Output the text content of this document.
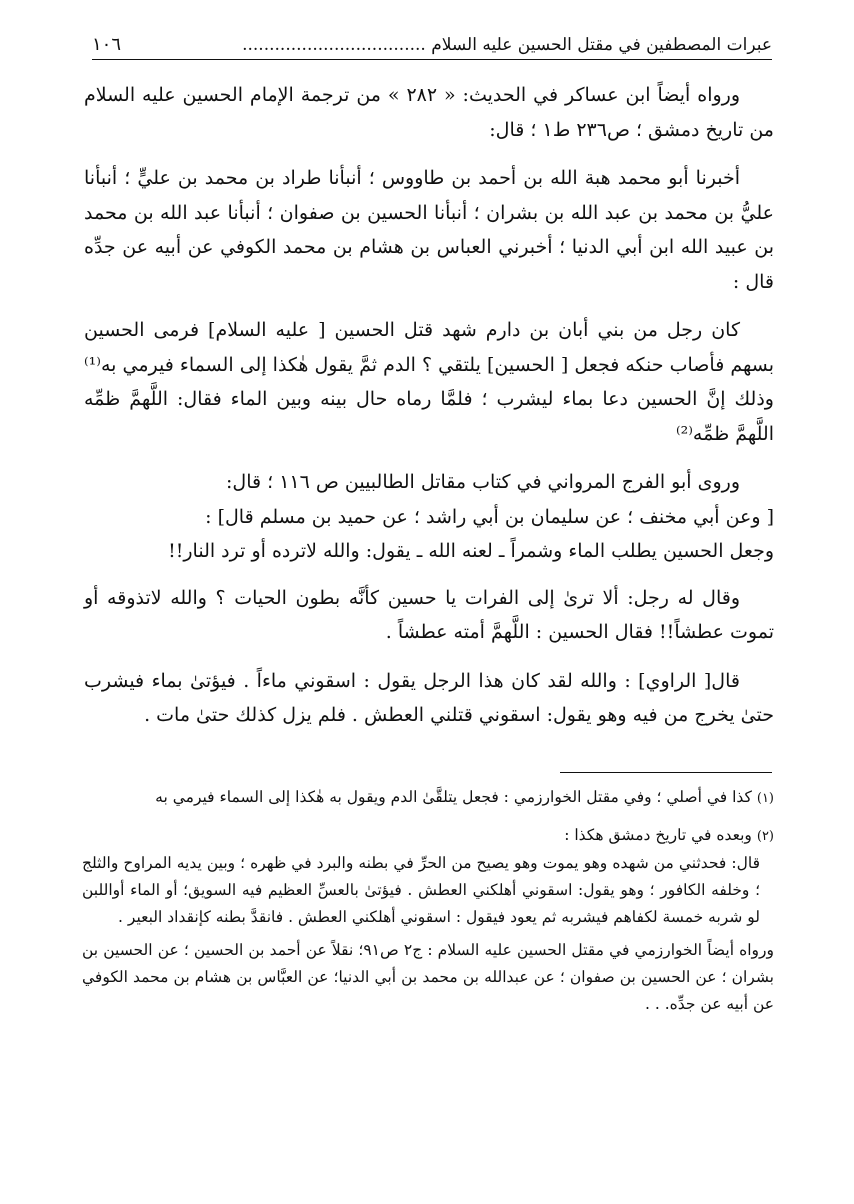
عبرات المصطفين في مقتل الحسين عليه السلام ..................................
١٠٦

ورواه أيضاً ابن عساكر في الحديث: « ٢٨٢ » من ترجمة الإمام الحسين عليه السلام من تاريخ دمشق ؛ ص٢٣٦ ط١ ؛ قال:

أخبرنا أبو محمد هبة الله بن أحمد بن طاووس ؛ أنبأنا طراد بن محمد بن عليٍّ ؛ أنبأنا عليُّ بن محمد بن عبد الله بن بشران ؛ أنبأنا الحسين بن صفوان ؛ أنبأنا عبد الله بن محمد بن عبيد الله ابن أبي الدنيا ؛ أخبرني العباس بن هشام بن محمد الكوفي عن أبيه عن جدِّه قال :

كان رجل من بني أبان بن دارم شهد قتل الحسين [ عليه السلام] فرمى الحسين بسهم فأصاب حنكه فجعل [ الحسين] يلتقي ؟ الدم ثمَّ يقول هٰكذا إلى السماء فيرمي به⁽¹⁾ وذلك إنَّ الحسين دعا بماء ليشرب ؛ فلمَّا رماه حال بينه وبين الماء فقال: اللَّهمَّ ظمِّه اللَّهمَّ ظمِّه⁽²⁾

وروى أبو الفرج المرواني في كتاب مقاتل الطالبيين ص ١١٦ ؛ قال:
[ وعن أبي مخنف ؛ عن سليمان بن أبي راشد ؛ عن حميد بن مسلم قال] :
وجعل الحسين يطلب الماء وشمراً ـ لعنه الله ـ يقول: والله لاترده أو ترد النار!!

وقال له رجل: ألا ترىٰ إلى الفرات يا حسين كأنَّه بطون الحيات ؟ والله لاتذوقه أو تموت عطشاً!! فقال الحسين : اللَّهمَّ أمته عطشاً .

قال[ الراوي] : والله لقد كان هذا الرجل يقول : اسقوني ماءاً . فيؤتىٰ بماء فيشرب حتىٰ يخرج من فيه وهو يقول: اسقوني قتلني العطش . فلم يزل كذلك حتىٰ مات .

(١) كذا في أصلي ؛ وفي مقتل الخوارزمي : فجعل يتلقَّىٰ الدم ويقول به هٰكذا إلى السماء فيرمي به
(٢) وبعده في تاريخ دمشق هكذا :
قال: فحدثني من شهده وهو يموت وهو يصيح من الحرِّ في بطنه والبرد في ظهره ؛ وبين يديه المراوح والثلج ؛ وخلفه الكافور ؛ وهو يقول: اسقوني أهلكني العطش . فيؤتىٰ بالعسِّ العظيم فيه السويق؛ أو الماء أواللبن لو شربه خمسة لكفاهم فيشربه ثم يعود فيقول : اسقوني أهلكني العطش . فانقدَّ بطنه كإنقداد البعير .
ورواه أيضاً الخوارزمي في مقتل الحسين عليه السلام : ج٢ ص٩١؛ نقلاً عن أحمد بن الحسين ؛ عن الحسين بن بشران ؛ عن الحسين بن صفوان ؛ عن عبدالله بن محمد بن أبي الدنيا؛ عن العبَّاس بن هشام بن محمد الكوفي عن أبيه عن جدِّه. . .
